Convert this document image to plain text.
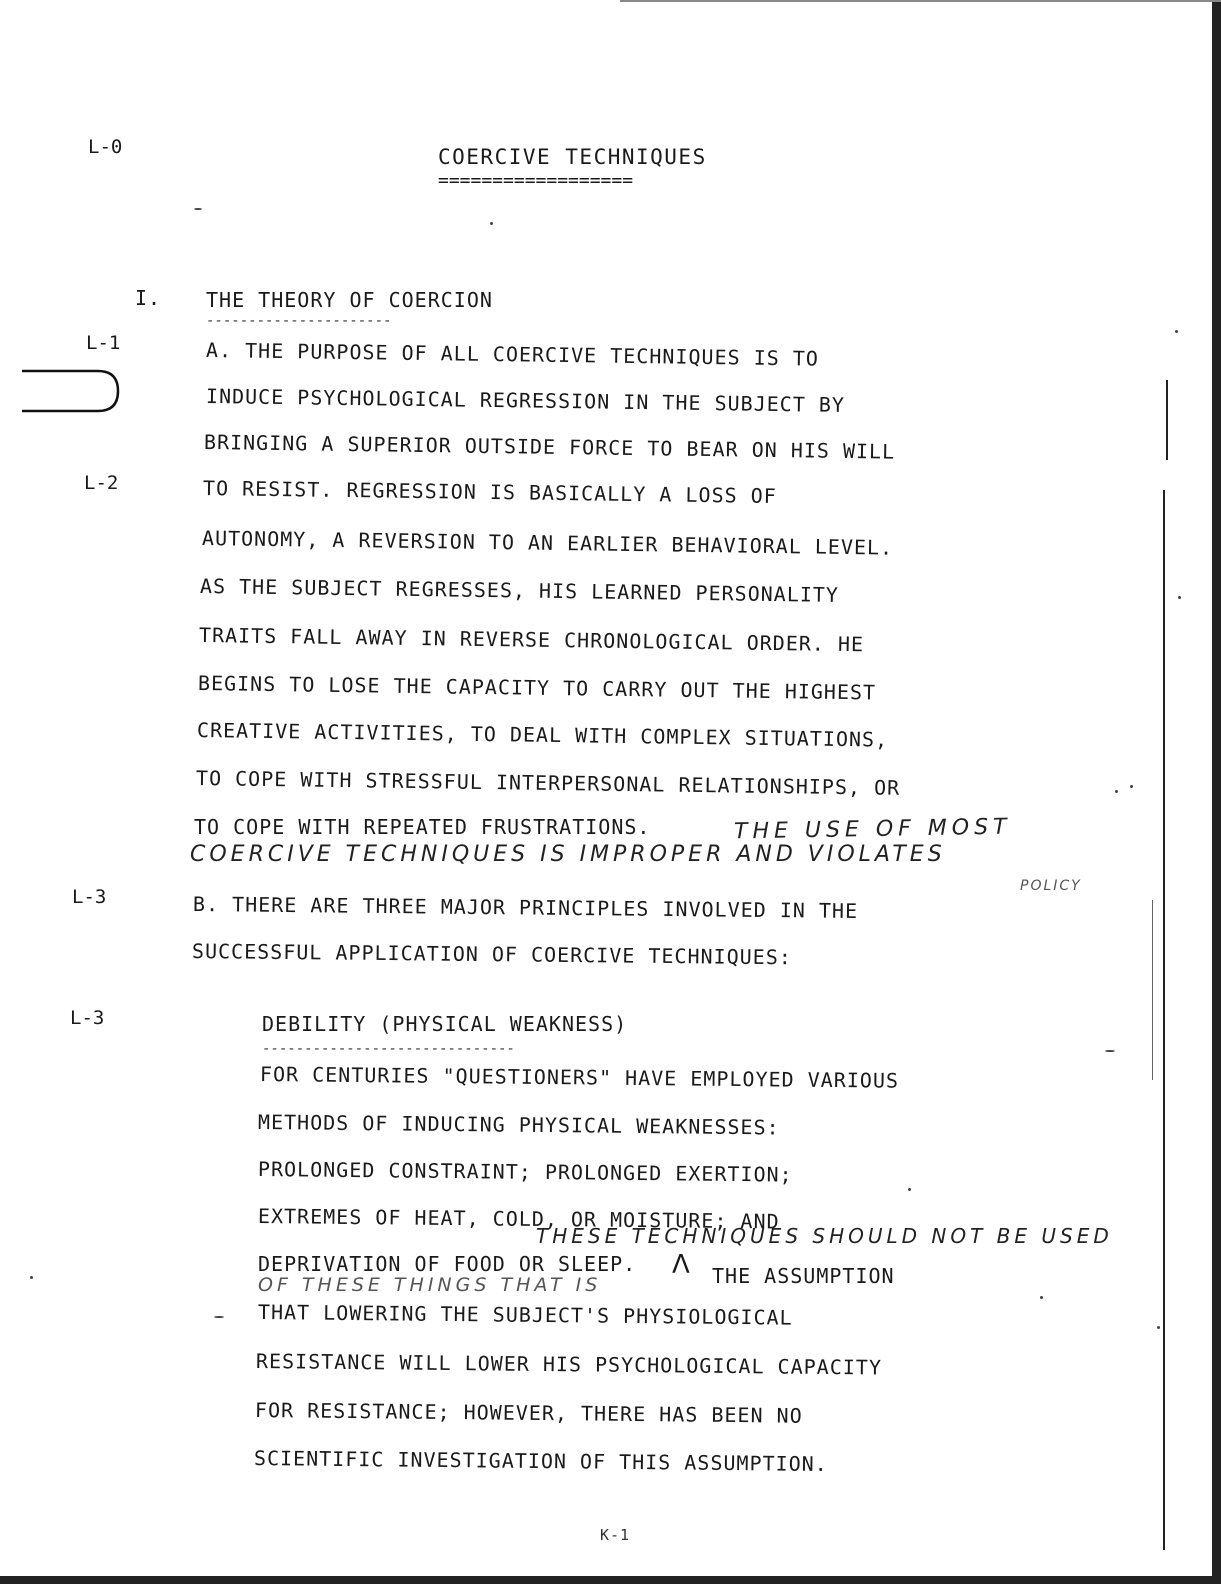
L-0
L-1
L-2
L-3
L-3
COERCIVE TECHNIQUES
==================
I. THE THEORY OF COERCION
----------------------
A. THE PURPOSE OF ALL COERCIVE TECHNIQUES IS TO
INDUCE PSYCHOLOGICAL REGRESSION IN THE SUBJECT BY
BRINGING A SUPERIOR OUTSIDE FORCE TO BEAR ON HIS WILL
TO RESIST. REGRESSION IS BASICALLY A LOSS OF
AUTONOMY, A REVERSION TO AN EARLIER BEHAVIORAL LEVEL.
AS THE SUBJECT REGRESSES, HIS LEARNED PERSONALITY
TRAITS FALL AWAY IN REVERSE CHRONOLOGICAL ORDER. HE
BEGINS TO LOSE THE CAPACITY TO CARRY OUT THE HIGHEST
CREATIVE ACTIVITIES, TO DEAL WITH COMPLEX SITUATIONS,
TO COPE WITH STRESSFUL INTERPERSONAL RELATIONSHIPS, OR
TO COPE WITH REPEATED FRUSTRATIONS.	THE USE OF MOST
COERCIVE TECHNIQUES IS IMPROPER AND VIOLATES
POLICY
B. THERE ARE THREE MAJOR PRINCIPLES INVOLVED IN THE
SUCCESSFUL APPLICATION OF COERCIVE TECHNIQUES:
DEBILITY (PHYSICAL WEAKNESS)
------------------------------
FOR CENTURIES "QUESTIONERS" HAVE EMPLOYED VARIOUS
METHODS OF INDUCING PHYSICAL WEAKNESSES:
PROLONGED CONSTRAINT; PROLONGED EXERTION;
EXTREMES OF HEAT, COLD, OR MOISTURE; AND
THESE TECHNIQUES SHOULD NOT BE USED
DEPRIVATION OF FOOD OR SLEEP. Λ THE ASSUMPTION
OF THESE THINGS THAT IS
THAT LOWERING THE SUBJECT'S PHYSIOLOGICAL
RESISTANCE WILL LOWER HIS PSYCHOLOGICAL CAPACITY
FOR RESISTANCE; HOWEVER, THERE HAS BEEN NO
SCIENTIFIC INVESTIGATION OF THIS ASSUMPTION.
K-1
